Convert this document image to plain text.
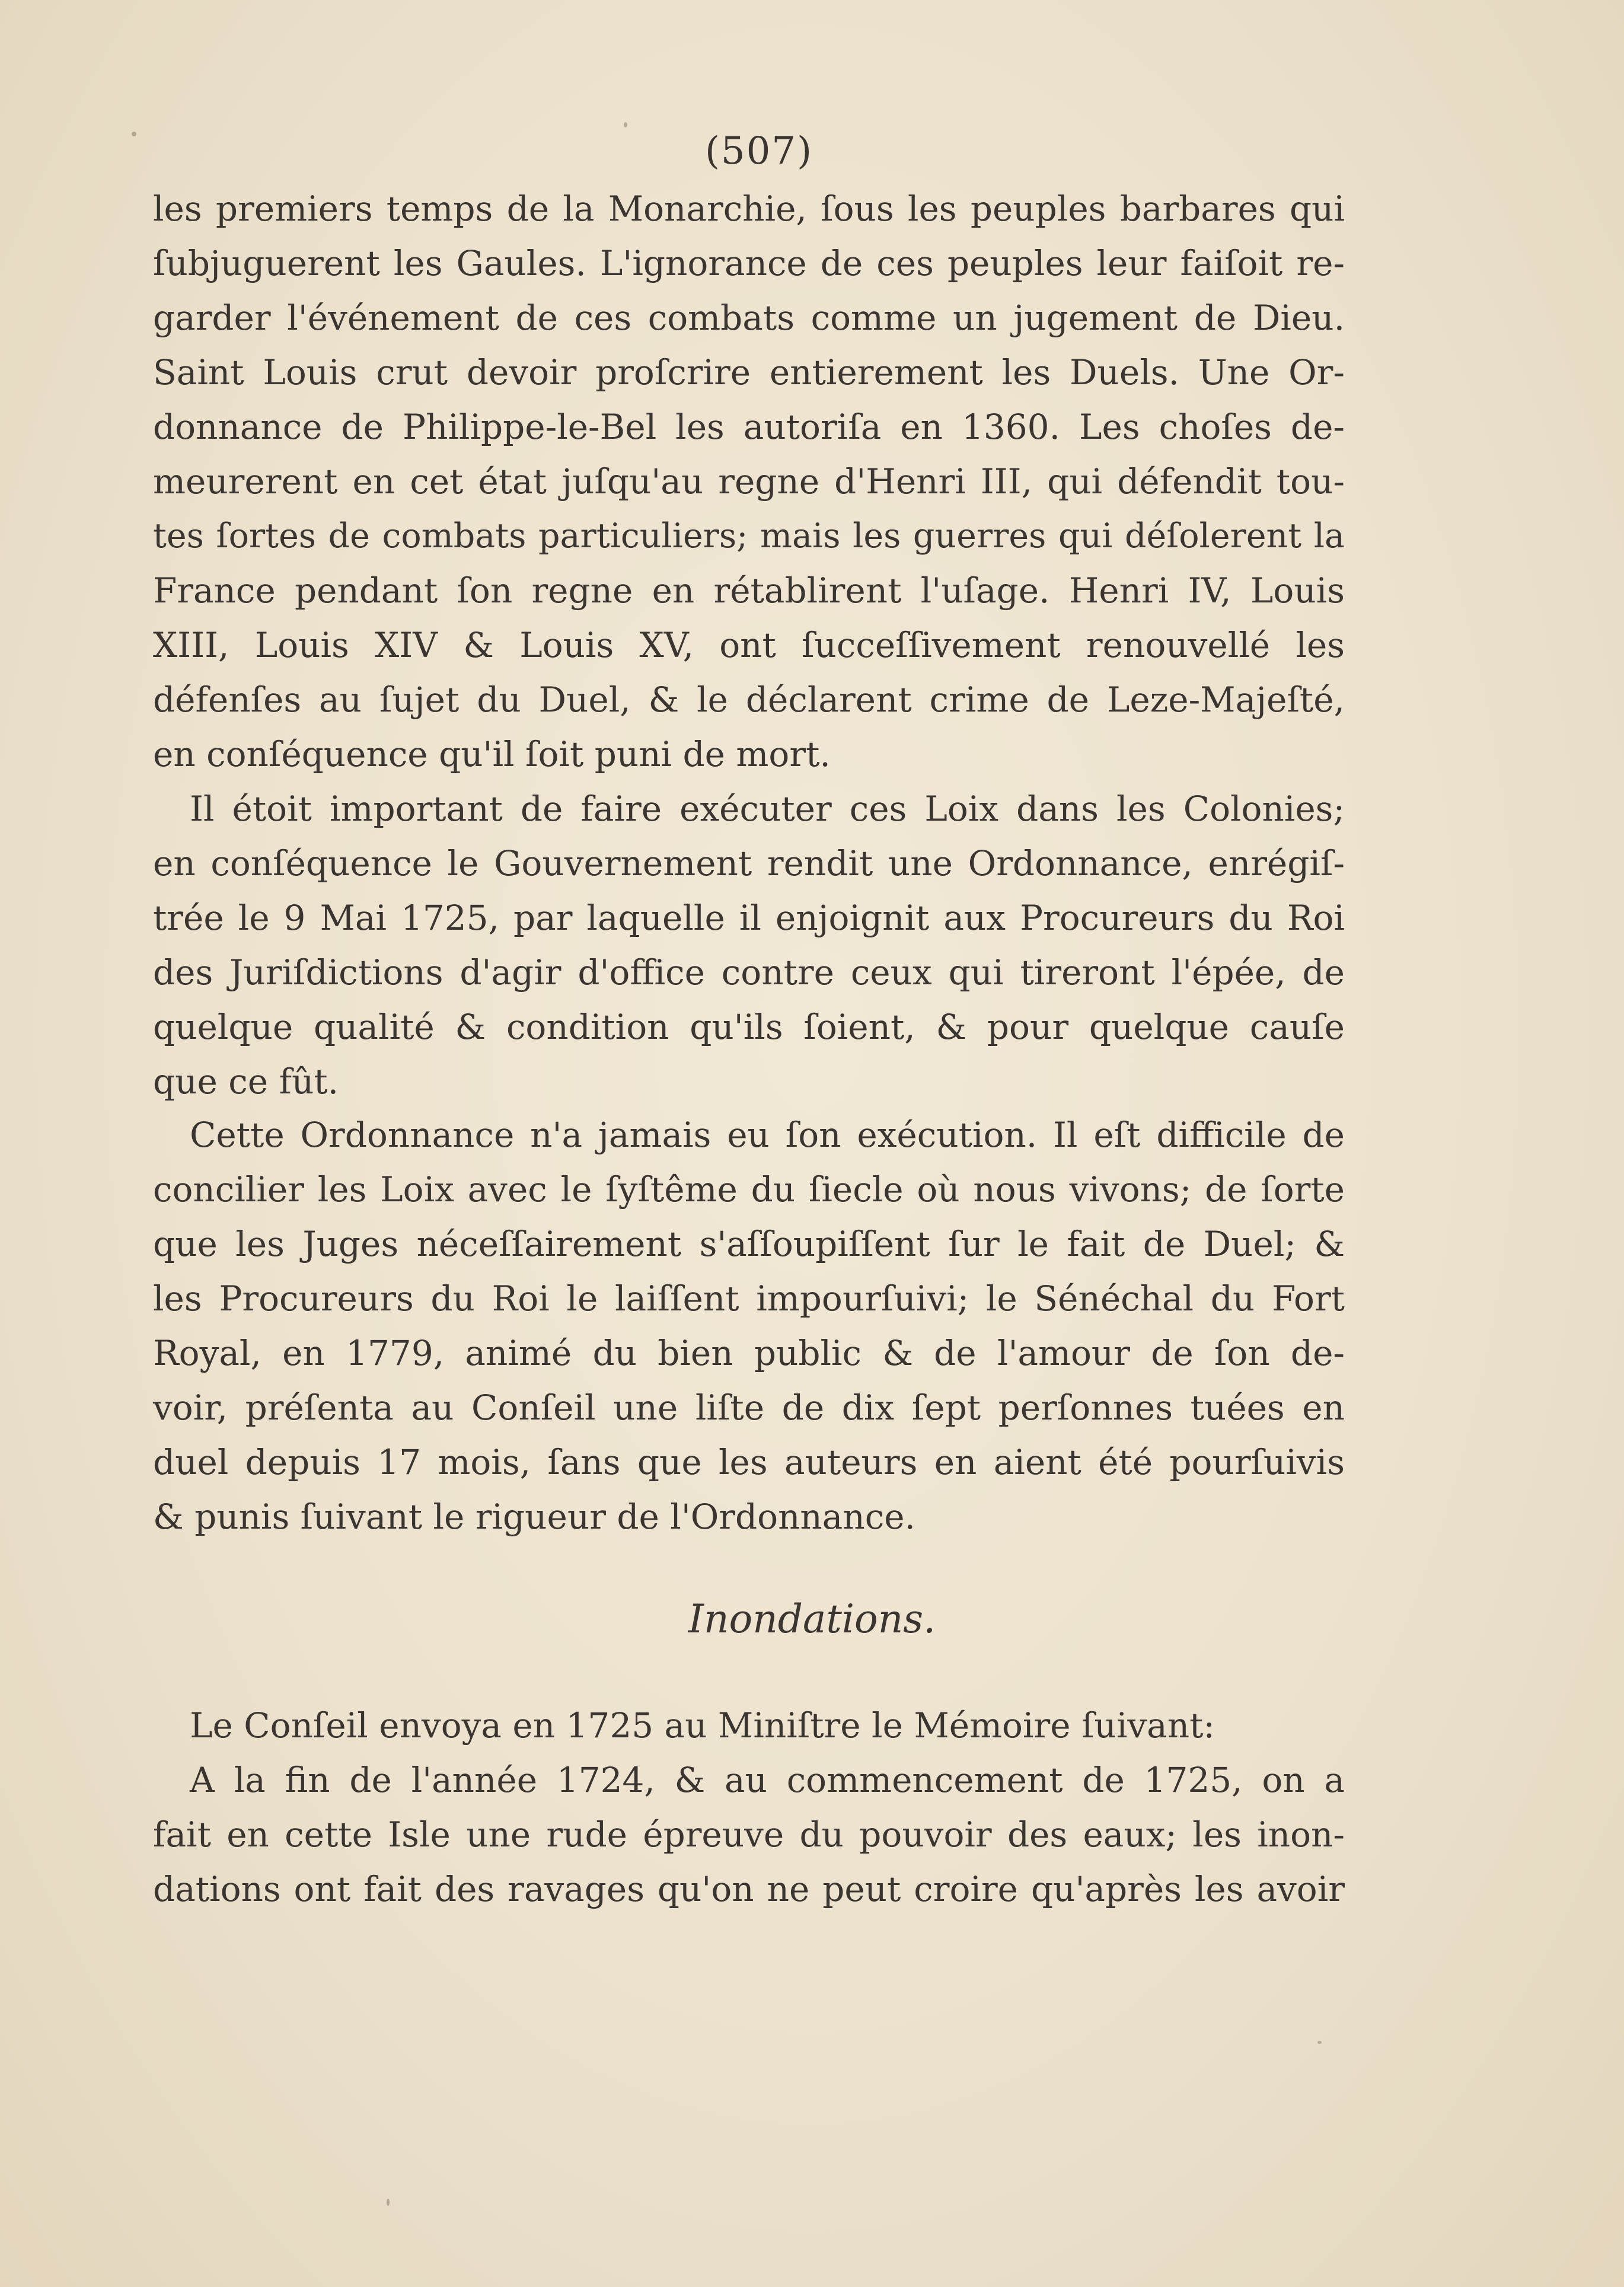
(507)
les premiers temps de la Monarchie, ſous les peuples barbares qui
ſubjuguerent les Gaules. L'ignorance de ces peuples leur faiſoit re-
garder l'événement de ces combats comme un jugement de Dieu.
Saint Louis crut devoir proſcrire entierement les Duels. Une Or-
donnance de Philippe-le-Bel les autoriſa en 1360. Les choſes de-
meurerent en cet état juſqu'au regne d'Henri III, qui défendit tou-
tes ſortes de combats particuliers; mais les guerres qui déſolerent la
France pendant ſon regne en rétablirent l'uſage. Henri IV, Louis
XIII, Louis XIV & Louis XV, ont ſucceſſivement renouvellé les
défenſes au ſujet du Duel, & le déclarent crime de Leze-Majeſté,
en conſéquence qu'il ſoit puni de mort.
Il étoit important de faire exécuter ces Loix dans les Colonies;
en conſéquence le Gouvernement rendit une Ordonnance, enrégiſ-
trée le 9 Mai 1725, par laquelle il enjoignit aux Procureurs du Roi
des Juriſdictions d'agir d'office contre ceux qui tireront l'épée, de
quelque qualité & condition qu'ils ſoient, & pour quelque cauſe
que ce fût.
Cette Ordonnance n'a jamais eu ſon exécution. Il eſt difficile de
concilier les Loix avec le ſyſtême du ſiecle où nous vivons; de ſorte
que les Juges néceſſairement s'aſſoupiſſent ſur le fait de Duel; &
les Procureurs du Roi le laiſſent impourſuivi; le Sénéchal du Fort
Royal, en 1779, animé du bien public & de l'amour de ſon de-
voir, préſenta au Conſeil une liſte de dix ſept perſonnes tuées en
duel depuis 17 mois, ſans que les auteurs en aient été pourſuivis
& punis ſuivant le rigueur de l'Ordonnance.
Inondations.
Le Conſeil envoya en 1725 au Miniſtre le Mémoire ſuivant:
A la fin de l'année 1724, & au commencement de 1725, on a
fait en cette Isle une rude épreuve du pouvoir des eaux; les inon-
dations ont fait des ravages qu'on ne peut croire qu'après les avoir
